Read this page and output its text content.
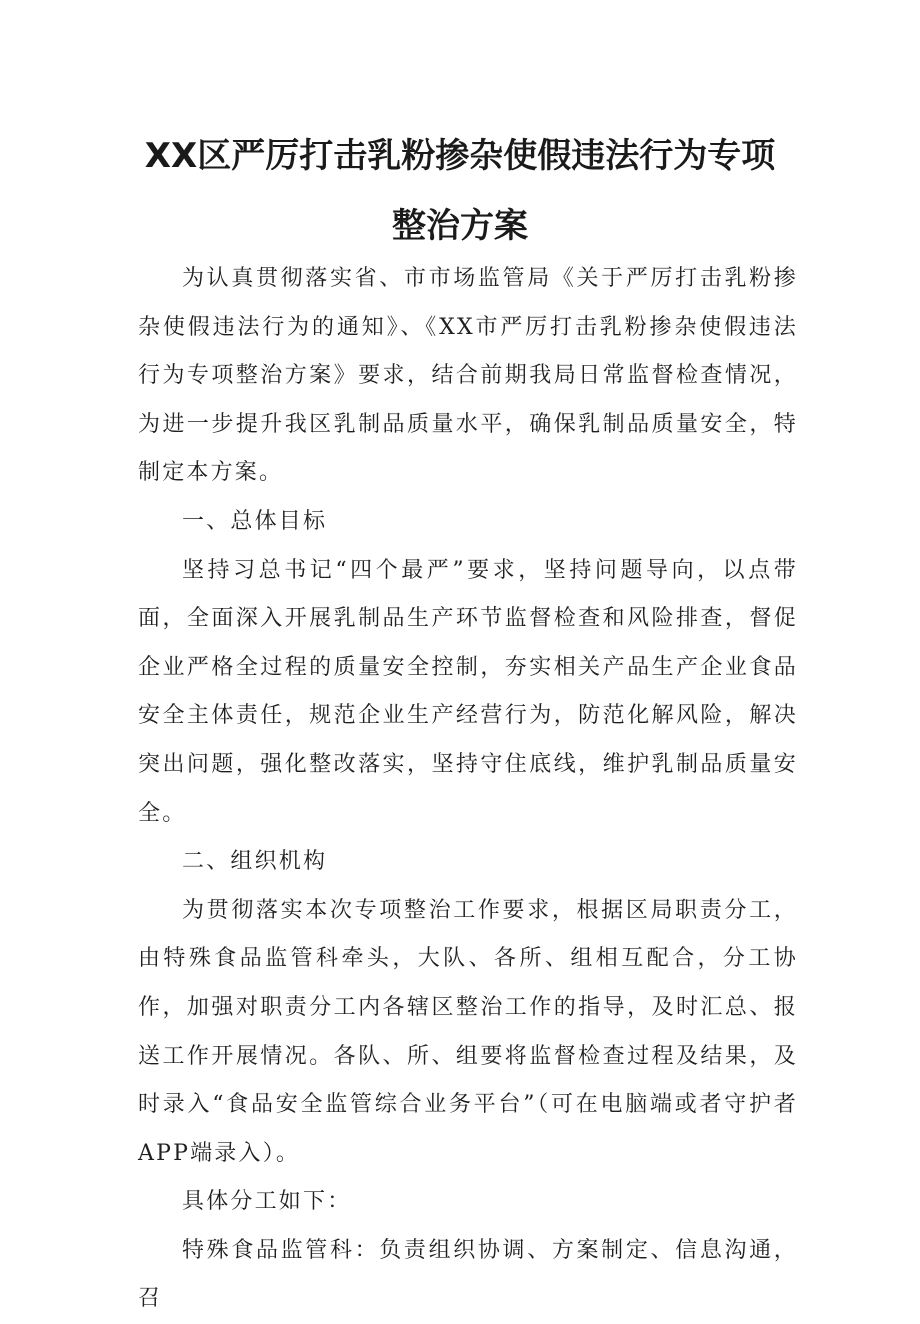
XX区严厉打击乳粉掺杂使假违法行为专项
整治方案

为认真贯彻落实省、市市场监管局《关于严厉打击乳粉掺杂使假违法行为的通知》、《XX市严厉打击乳粉掺杂使假违法行为专项整治方案》要求，结合前期我局日常监督检查情况，为进一步提升我区乳制品质量水平，确保乳制品质量安全，特制定本方案。

一、总体目标

坚持习总书记“四个最严”要求，坚持问题导向，以点带面，全面深入开展乳制品生产环节监督检查和风险排查，督促企业严格全过程的质量安全控制，夯实相关产品生产企业食品安全主体责任，规范企业生产经营行为，防范化解风险，解决突出问题，强化整改落实，坚持守住底线，维护乳制品质量安全。

二、组织机构

为贯彻落实本次专项整治工作要求，根据区局职责分工，由特殊食品监管科牵头，大队、各所、组相互配合，分工协作，加强对职责分工内各辖区整治工作的指导，及时汇总、报送工作开展情况。各队、所、组要将监督检查过程及结果，及时录入“食品安全监管综合业务平台”（可在电脑端或者守护者APP端录入）。

具体分工如下：

特殊食品监管科：负责组织协调、方案制定、信息沟通，召
